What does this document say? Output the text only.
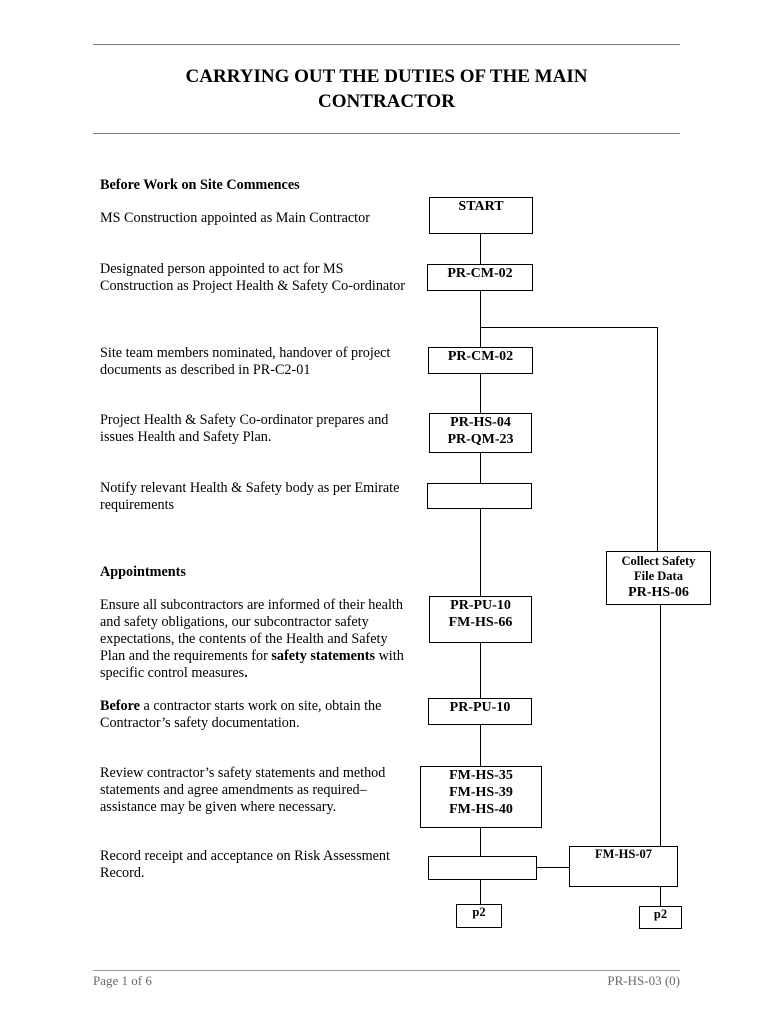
CARRYING OUT THE DUTIES OF THE MAIN
CONTRACTOR
Before Work on Site Commences
MS Construction appointed as Main Contractor
Designated person appointed to act for MS Construction as Project Health & Safety Co-ordinator
Site team members nominated, handover of project documents as described in PR-C2-01
Project Health & Safety Co-ordinator prepares and issues Health and Safety Plan.
Notify relevant Health & Safety body as per Emirate requirements
Appointments
Ensure all subcontractors are informed of their health and safety obligations, our subcontractor safety expectations, the contents of the Health and Safety Plan and the requirements for safety statements with specific control measures.
Before a contractor starts work on site, obtain the Contractor’s safety documentation.
Review contractor’s safety statements and method statements and agree amendments as required–assistance may be given where necessary.
Record receipt and acceptance on Risk Assessment Record.
START
PR-CM-02
PR-CM-02
PR-HS-04
PR-QM-23
PR-PU-10
FM-HS-66
PR-PU-10
FM-HS-35
FM-HS-39
FM-HS-40
FM-HS-07
Collect Safety
File Data
PR-HS-06
p2	p2
Page 1 of 6	PR-HS-03 (0)
